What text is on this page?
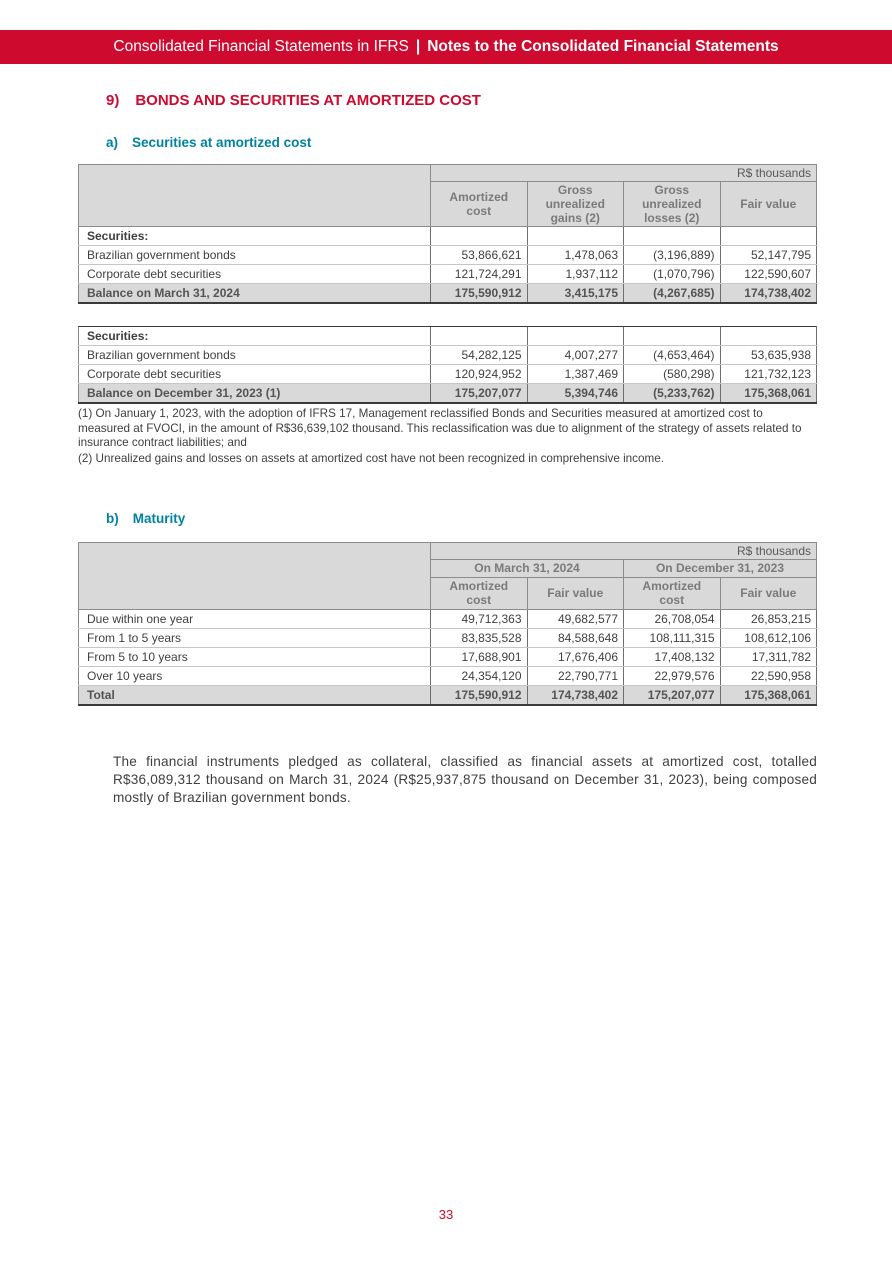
Consolidated Financial Statements in IFRS | Notes to the Consolidated Financial Statements
9) BONDS AND SECURITIES AT AMORTIZED COST
a) Securities at amortized cost
	R$ thousands			
	Amortized cost	Gross unrealized gains (2)	Gross unrealized losses (2)	Fair value
Securities:				
Brazilian government bonds	53,866,621	1,478,063	(3,196,889)	52,147,795
Corporate debt securities	121,724,291	1,937,112	(1,070,796)	122,590,607
Balance on March 31, 2024	175,590,912	3,415,175	(4,267,685)	174,738,402
Securities:				
Brazilian government bonds	54,282,125	4,007,277	(4,653,464)	53,635,938
Corporate debt securities	120,924,952	1,387,469	(580,298)	121,732,123
Balance on December 31, 2023 (1)	175,207,077	5,394,746	(5,233,762)	175,368,061

(1) On January 1, 2023, with the adoption of IFRS 17, Management reclassified Bonds and Securities measured at amortized cost to measured at FVOCI, in the amount of R$36,639,102 thousand. This reclassification was due to alignment of the strategy of assets related to insurance contract liabilities; and

(2) Unrealized gains and losses on assets at amortized cost have not been recognized in comprehensive income.

b) Maturity
	R$ thousands			
	On March 31, 2024		On December 31, 2023	
	Amortized cost	Fair value	Amortized cost	Fair value
Due within one year	49,712,363	49,682,577	26,708,054	26,853,215
From 1 to 5 years	83,835,528	84,588,648	108,111,315	108,612,106
From 5 to 10 years	17,688,901	17,676,406	17,408,132	17,311,782
Over 10 years	24,354,120	22,790,771	22,979,576	22,590,958
Total	175,590,912	174,738,402	175,207,077	175,368,061

The financial instruments pledged as collateral, classified as financial assets at amortized cost, totalled R$36,089,312 thousand on March 31, 2024 (R$25,937,875 thousand on December 31, 2023), being composed mostly of Brazilian government bonds.

33
